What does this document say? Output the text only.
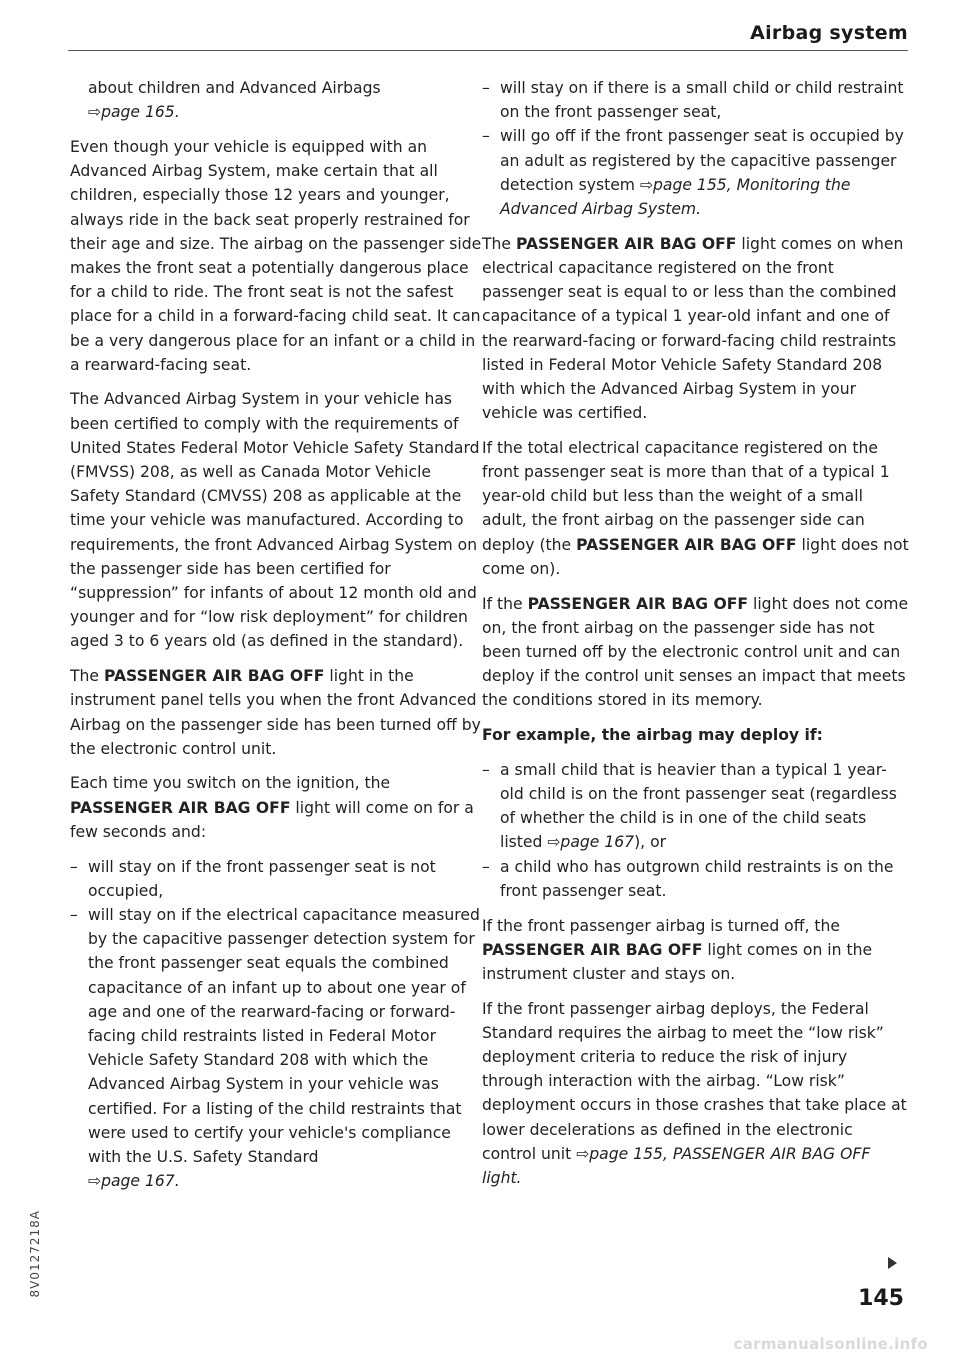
Airbag system

about children and Advanced Airbags
⇨page 165.

Even though your vehicle is equipped with an Advanced Airbag System, make certain that all children, especially those 12 years and younger, always ride in the back seat properly restrained for their age and size. The airbag on the passenger side makes the front seat a potentially dangerous place for a child to ride. The front seat is not the safest place for a child in a forward-facing child seat. It can be a very dangerous place for an infant or a child in a rearward-facing seat.

The Advanced Airbag System in your vehicle has been certified to comply with the requirements of United States Federal Motor Vehicle Safety Standard (FMVSS) 208, as well as Canada Motor Vehicle Safety Standard (CMVSS) 208 as applicable at the time your vehicle was manufactured. According to requirements, the front Advanced Airbag System on the passenger side has been certified for “suppression” for infants of about 12 month old and younger and for “low risk deployment” for children aged 3 to 6 years old (as defined in the standard).

The PASSENGER AIR BAG OFF light in the instrument panel tells you when the front Advanced Airbag on the passenger side has been turned off by the electronic control unit.

Each time you switch on the ignition, the PASSENGER AIR BAG OFF light will come on for a few seconds and:

– will stay on if the front passenger seat is not occupied,
– will stay on if the electrical capacitance measured by the capacitive passenger detection system for the front passenger seat equals the combined capacitance of an infant up to about one year of age and one of the rearward-facing or forward-facing child restraints listed in Federal Motor Vehicle Safety Standard 208 with which the Advanced Airbag System in your vehicle was certified. For a listing of the child restraints that were used to certify your vehicle's compliance with the U.S. Safety Standard
⇨page 167.
– will stay on if there is a small child or child restraint on the front passenger seat,
– will go off if the front passenger seat is occupied by an adult as registered by the capacitive passenger detection system ⇨page 155, Monitoring the Advanced Airbag System.

The PASSENGER AIR BAG OFF light comes on when electrical capacitance registered on the front passenger seat is equal to or less than the combined capacitance of a typical 1 year-old infant and one of the rearward-facing or forward-facing child restraints listed in Federal Motor Vehicle Safety Standard 208 with which the Advanced Airbag System in your vehicle was certified.

If the total electrical capacitance registered on the front passenger seat is more than that of a typical 1 year-old child but less than the weight of a small adult, the front airbag on the passenger side can deploy (the PASSENGER AIR BAG OFF light does not come on).

If the PASSENGER AIR BAG OFF light does not come on, the front airbag on the passenger side has not been turned off by the electronic control unit and can deploy if the control unit senses an impact that meets the conditions stored in its memory.

For example, the airbag may deploy if:
– a small child that is heavier than a typical 1 year-old child is on the front passenger seat (regardless of whether the child is in one of the child seats listed ⇨page 167), or
– a child who has outgrown child restraints is on the front passenger seat.

If the front passenger airbag is turned off, the PASSENGER AIR BAG OFF light comes on in the instrument cluster and stays on.

If the front passenger airbag deploys, the Federal Standard requires the airbag to meet the “low risk” deployment criteria to reduce the risk of injury through interaction with the airbag. “Low risk” deployment occurs in those crashes that take place at lower decelerations as defined in the electronic control unit ⇨page 155, PASSENGER AIR BAG OFF light.

145
8V0127218A
carmanualsonline.info
